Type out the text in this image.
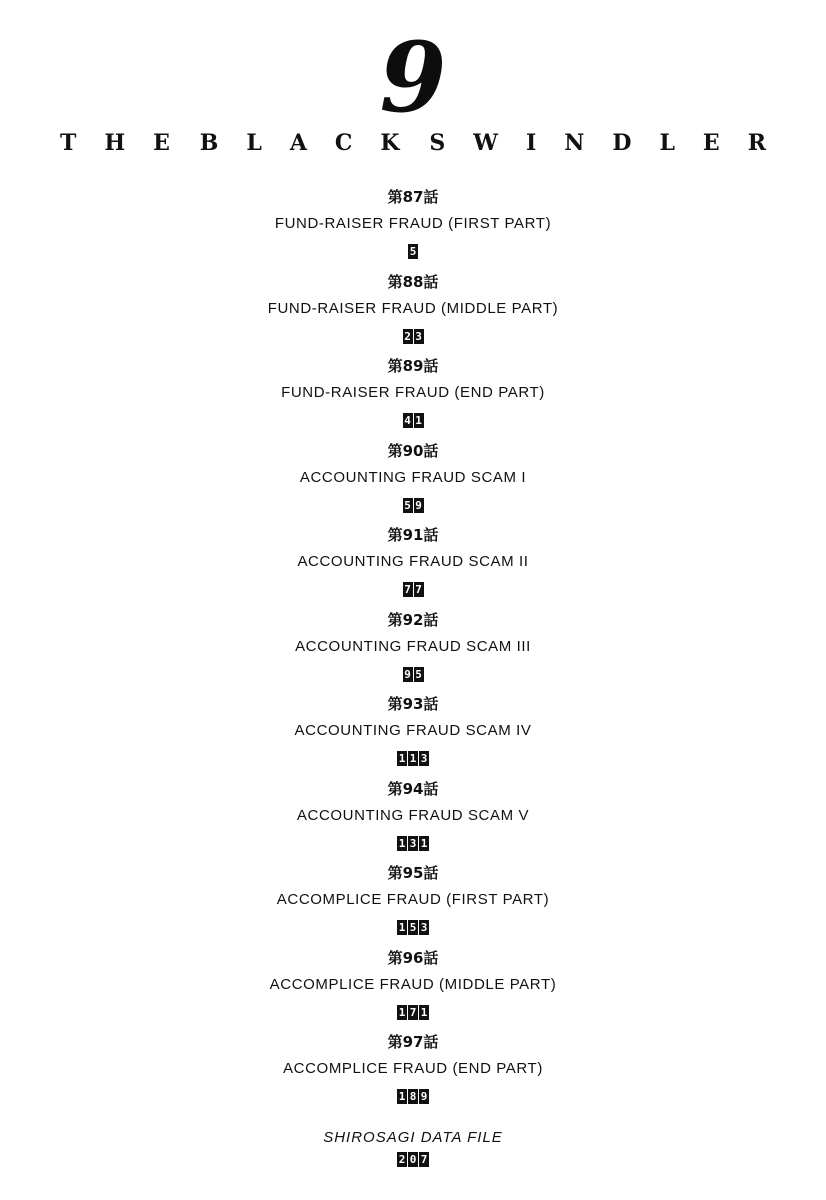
9
T H E B L A C K S W I N D L E R
第87話
FUND-RAISER FRAUD (FIRST PART)
5
第88話
FUND-RAISER FRAUD (MIDDLE PART)
2 3
第89話
FUND-RAISER FRAUD (END PART)
4 1
第90話
ACCOUNTING FRAUD SCAM I
5 9
第91話
ACCOUNTING FRAUD SCAM II
7 7
第92話
ACCOUNTING FRAUD SCAM III
9 5
第93話
ACCOUNTING FRAUD SCAM IV
1 1 3
第94話
ACCOUNTING FRAUD SCAM V
1 3 1
第95話
ACCOMPLICE FRAUD (FIRST PART)
1 5 3
第96話
ACCOMPLICE FRAUD (MIDDLE PART)
1 7 1
第97話
ACCOMPLICE FRAUD (END PART)
1 8 9
SHIROSAGI DATA FILE
2 0 7
